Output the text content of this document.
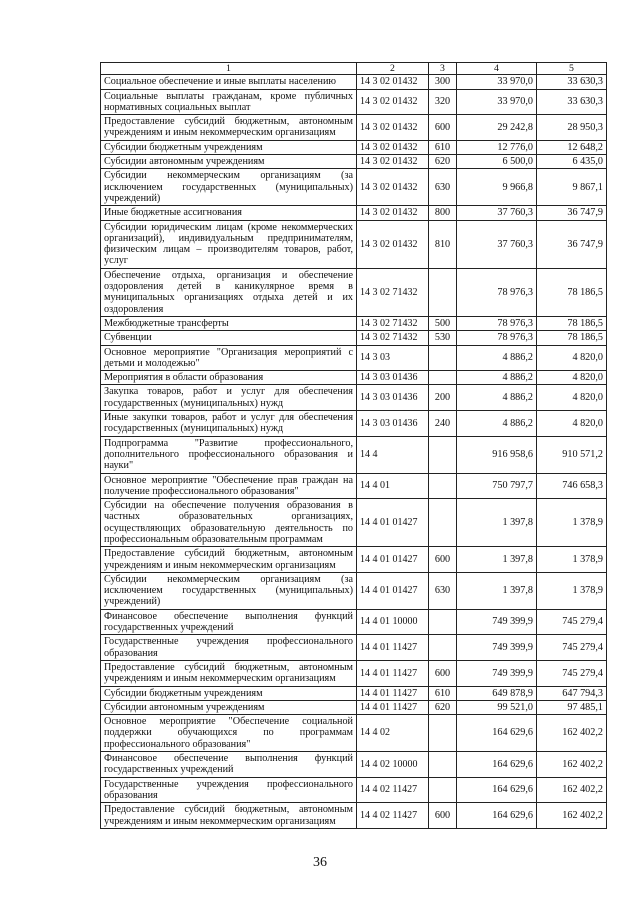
1	2	3	4	5
Социальное обеспечение и иные выплаты населению	14 3 02 01432	300	33 970,0	33 630,3
Социальные выплаты гражданам, кроме публичных нормативных социальных выплат	14 3 02 01432	320	33 970,0	33 630,3
Предоставление субсидий бюджетным, автономным учреждениям и иным некоммерческим организациям	14 3 02 01432	600	29 242,8	28 950,3
Субсидии бюджетным учреждениям	14 3 02 01432	610	12 776,0	12 648,2
Субсидии автономным учреждениям	14 3 02 01432	620	6 500,0	6 435,0
Субсидии некоммерческим организациям (за исключением государственных (муниципальных) учреждений)	14 3 02 01432	630	9 966,8	9 867,1
Иные бюджетные ассигнования	14 3 02 01432	800	37 760,3	36 747,9
Субсидии юридическим лицам (кроме некоммерческих организаций), индивидуальным предпринимателям, физическим лицам – производителям товаров, работ, услуг	14 3 02 01432	810	37 760,3	36 747,9
Обеспечение отдыха, организация и обеспечение оздоровления детей в каникулярное время в муниципальных организациях отдыха детей и их оздоровления	14 3 02 71432		78 976,3	78 186,5
Межбюджетные трансферты	14 3 02 71432	500	78 976,3	78 186,5
Субвенции	14 3 02 71432	530	78 976,3	78 186,5
Основное мероприятие "Организация мероприятий с детьми и молодежью"	14 3 03		4 886,2	4 820,0
Мероприятия в области образования	14 3 03 01436		4 886,2	4 820,0
Закупка товаров, работ и услуг для обеспечения государственных (муниципальных) нужд	14 3 03 01436	200	4 886,2	4 820,0
Иные закупки товаров, работ и услуг для обеспечения государственных (муниципальных) нужд	14 3 03 01436	240	4 886,2	4 820,0
Подпрограмма "Развитие профессионального, дополнительного профессионального образования и науки"	14 4		916 958,6	910 571,2
Основное мероприятие "Обеспечение прав граждан на получение профессионального образования"	14 4 01		750 797,7	746 658,3
Субсидии на обеспечение получения образования в частных образовательных организациях, осуществляющих образовательную деятельность по профессиональным образовательным программам	14 4 01 01427		1 397,8	1 378,9
Предоставление субсидий бюджетным, автономным учреждениям и иным некоммерческим организациям	14 4 01 01427	600	1 397,8	1 378,9
Субсидии некоммерческим организациям (за исключением государственных (муниципальных) учреждений)	14 4 01 01427	630	1 397,8	1 378,9
Финансовое обеспечение выполнения функций государственных учреждений	14 4 01 10000		749 399,9	745 279,4
Государственные учреждения профессионального образования	14 4 01 11427		749 399,9	745 279,4
Предоставление субсидий бюджетным, автономным учреждениям и иным некоммерческим организациям	14 4 01 11427	600	749 399,9	745 279,4
Субсидии бюджетным учреждениям	14 4 01 11427	610	649 878,9	647 794,3
Субсидии автономным учреждениям	14 4 01 11427	620	99 521,0	97 485,1
Основное мероприятие "Обеспечение социальной поддержки обучающихся по программам профессионального образования"	14 4 02		164 629,6	162 402,2
Финансовое обеспечение выполнения функций государственных учреждений	14 4 02 10000		164 629,6	162 402,2
Государственные учреждения профессионального образования	14 4 02 11427		164 629,6	162 402,2
Предоставление субсидий бюджетным, автономным учреждениям и иным некоммерческим организациям	14 4 02 11427	600	164 629,6	162 402,2
36
